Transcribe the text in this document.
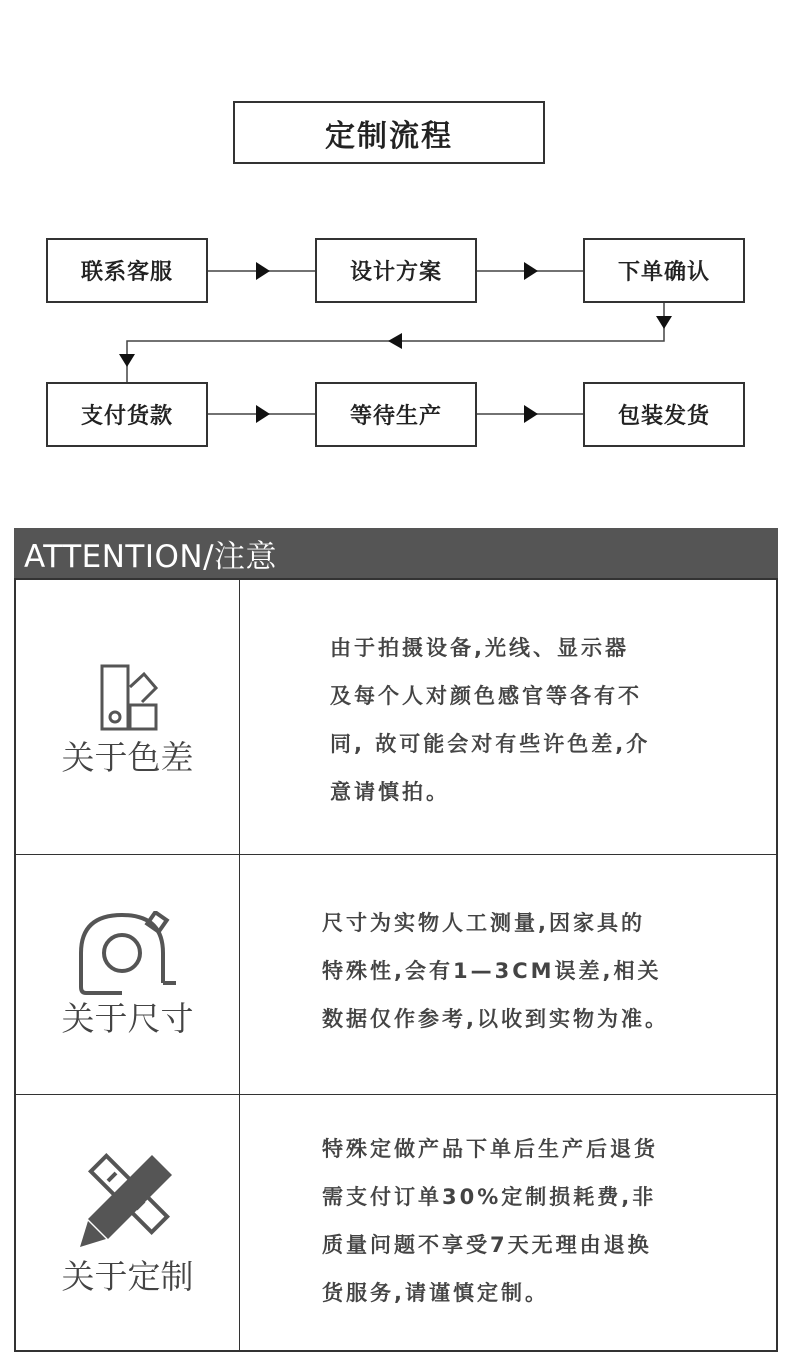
定制流程
联系客服	设计方案	下单确认
支付货款	等待生产	包装发货
ATTENTION/注意
关于色差
由于拍摄设备,光线、显示器
及每个人对颜色感官等各有不
同, 故可能会对有些许色差,介
意请慎拍。
关于尺寸
尺寸为实物人工测量,因家具的
特殊性,会有1—3CM误差,相关
数据仅作参考,以收到实物为准。
关于定制
特殊定做产品下单后生产后退货
需支付订单30%定制损耗费,非
质量问题不享受7天无理由退换
货服务,请谨慎定制。
